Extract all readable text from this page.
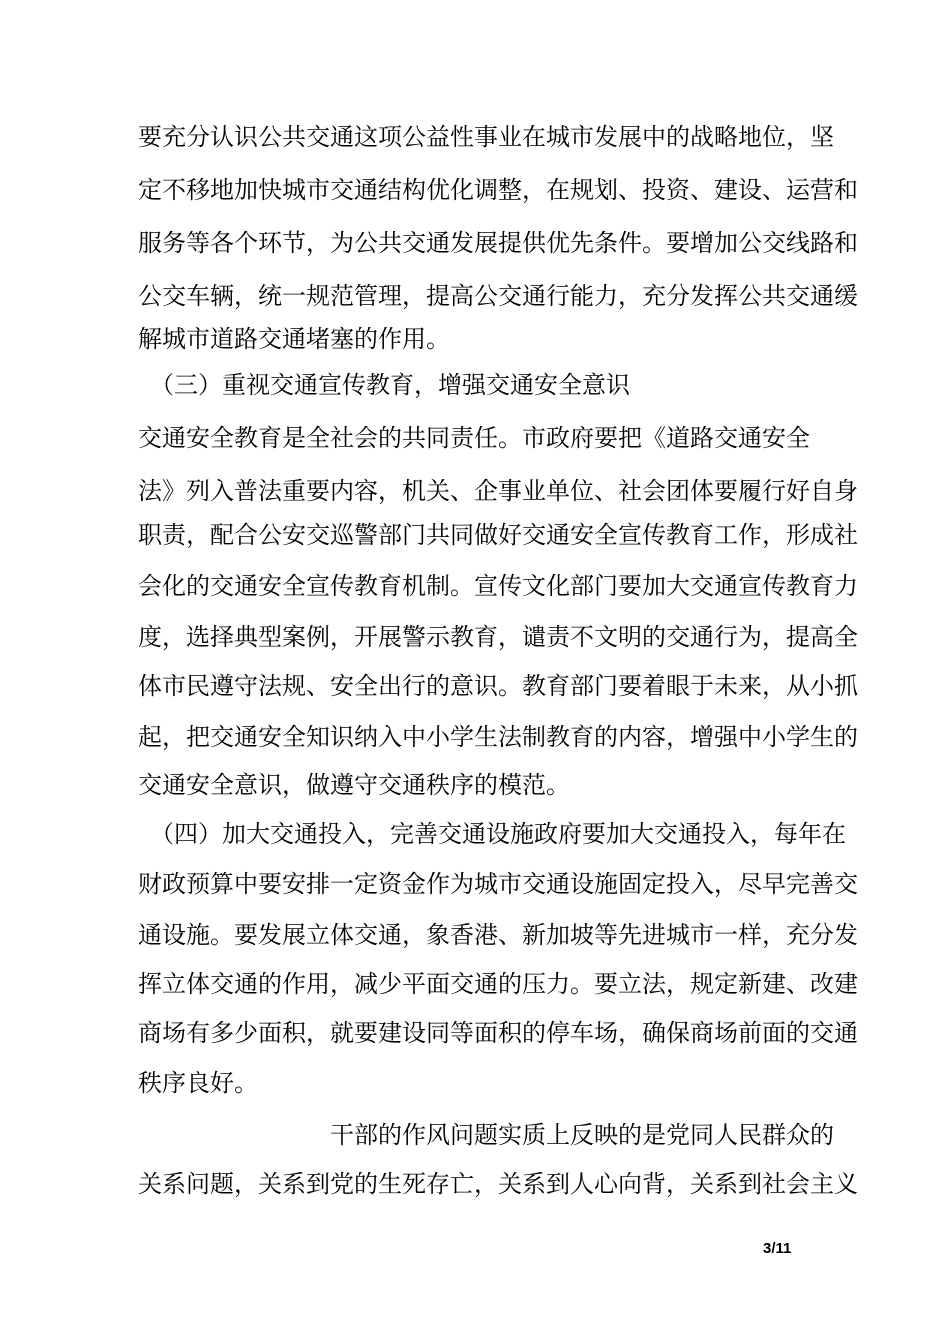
要充分认识公共交通这项公益性事业在城市发展中的战略地位，坚
定不移地加快城市交通结构优化调整，在规划、投资、建设、运营和
服务等各个环节，为公共交通发展提供优先条件。要增加公交线路和
公交车辆，统一规范管理，提高公交通行能力，充分发挥公共交通缓
解城市道路交通堵塞的作用。
（三）重视交通宣传教育，增强交通安全意识
交通安全教育是全社会的共同责任。市政府要把《道路交通安全
法》列入普法重要内容，机关、企事业单位、社会团体要履行好自身
职责，配合公安交巡警部门共同做好交通安全宣传教育工作，形成社
会化的交通安全宣传教育机制。宣传文化部门要加大交通宣传教育力
度，选择典型案例，开展警示教育，谴责不文明的交通行为，提高全
体市民遵守法规、安全出行的意识。教育部门要着眼于未来，从小抓
起，把交通安全知识纳入中小学生法制教育的内容，增强中小学生的
交通安全意识，做遵守交通秩序的模范。
（四）加大交通投入，完善交通设施政府要加大交通投入，每年在
财政预算中要安排一定资金作为城市交通设施固定投入，尽早完善交
通设施。要发展立体交通，象香港、新加坡等先进城市一样，充分发
挥立体交通的作用，减少平面交通的压力。要立法，规定新建、改建
商场有多少面积，就要建设同等面积的停车场，确保商场前面的交通
秩序良好。
干部的作风问题实质上反映的是党同人民群众的
关系问题，关系到党的生死存亡，关系到人心向背，关系到社会主义
3/11
